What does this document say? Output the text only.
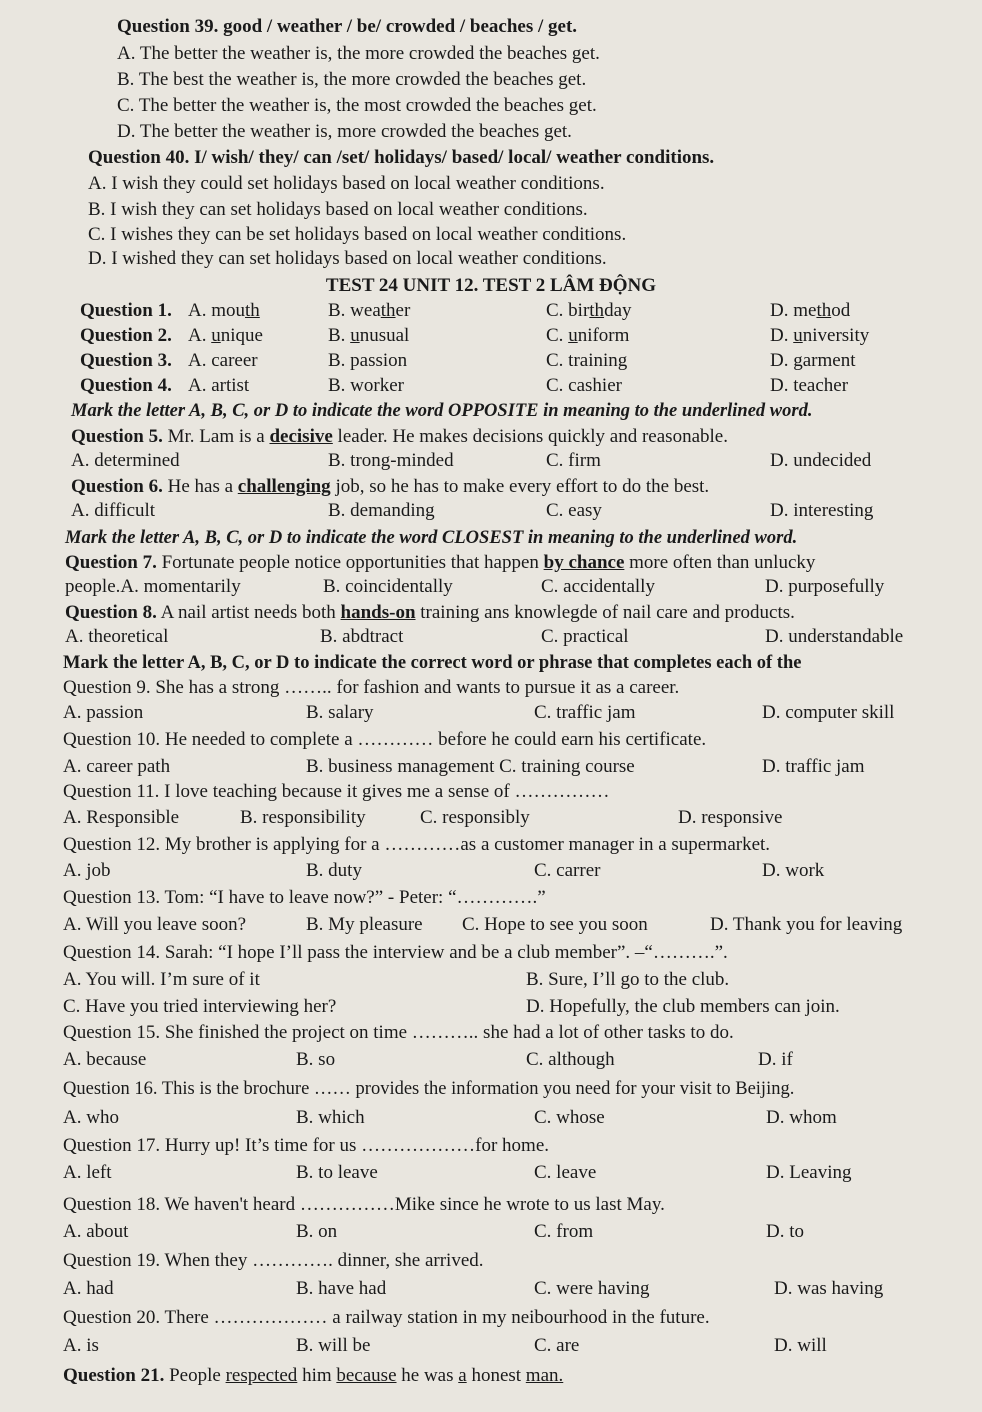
Question 39. good / weather / be/ crowded / beaches / get.
A. The better the weather is, the more crowded the beaches get.
B. The best the weather is, the more crowded the beaches get.
C. The better the weather is, the most crowded the beaches get.
D. The better the weather is, more crowded the beaches get.
Question 40. I/ wish/ they/ can /set/ holidays/ based/ local/ weather conditions.
A. I wish they could set holidays based on local weather conditions.
B. I wish they can set holidays based on local weather conditions.
C. I wishes they can be set holidays based on local weather conditions.
D. I wished they can set holidays based on local weather conditions.
TEST 24 UNIT 12. TEST 2 LÂM ĐỘNG
Question 1. A. mouth	B. weather	C. birthday	D. method
Question 2. A. unique	B. unusual	C. uniform	D. university
Question 3. A. career	B. passion	C. training	D. garment
Question 4. A. artist	B. worker	C. cashier	D. teacher
Mark the letter A, B, C, or D to indicate the word OPPOSITE in meaning to the underlined word.
Question 5. Mr. Lam is a decisive leader. He makes decisions quickly and reasonable.
A. determined	B. trong-minded	C. firm	D. undecided
Question 6. He has a challenging job, so he has to make every effort to do the best.
A. difficult	B. demanding	C. easy	D. interesting
Mark the letter A, B, C, or D to indicate the word CLOSEST in meaning to the underlined word.
Question 7. Fortunate people notice opportunities that happen by chance more often than unlucky
people.A. momentarily	B. coincidentally	C. accidentally	D. purposefully
Question 8. A nail artist needs both hands-on training ans knowlegde of nail care and products.
A. theoretical	B. abdtract	C. practical	D. understandable
Mark the letter A, B, C, or D to indicate the correct word or phrase that completes each of the
Question 9. She has a strong …….. for fashion and wants to pursue it as a career.
A. passion	B. salary	C. traffic jam	D. computer skill
Question 10. He needed to complete a ………… before he could earn his certificate.
A. career path	B. business management C. training course	D. traffic jam
Question 11. I love teaching because it gives me a sense of ……………
A. Responsible	B. responsibility	C. responsibly	D. responsive
Question 12. My brother is applying for a …………as a customer manager in a supermarket.
A. job	B. duty	C. carrer	D. work
Question 13. Tom: “I have to leave now?” - Peter: “………….”
A. Will you leave soon?	B. My pleasure C. Hope to see you soon	D. Thank you for leaving
Question 14. Sarah: “I hope I’ll pass the interview and be a club member”. –“……….”.
A. You will. I’m sure of it	B. Sure, I’ll go to the club.
C. Have you tried interviewing her?	D. Hopefully, the club members can join.
Question 15. She finished the project on time ……….. she had a lot of other tasks to do.
A. because	B. so	C. although	D. if
Question 16. This is the brochure …… provides the information you need for your visit to Beijing.
A. who	B. which	C. whose	D. whom
Question 17. Hurry up! It’s time for us ………………for home.
A. left	B. to leave	C. leave	D. Leaving
Question 18. We haven't heard ……………Mike since he wrote to us last May.
A. about	B. on	C. from	D. to
Question 19. When they …………. dinner, she arrived.
A. had	B. have had	C. were having	D. was having
Question 20. There ……………… a railway station in my neibourhood in the future.
A. is	B. will be	C. are	D. will
Question 21. People respected him because he was a honest man.
